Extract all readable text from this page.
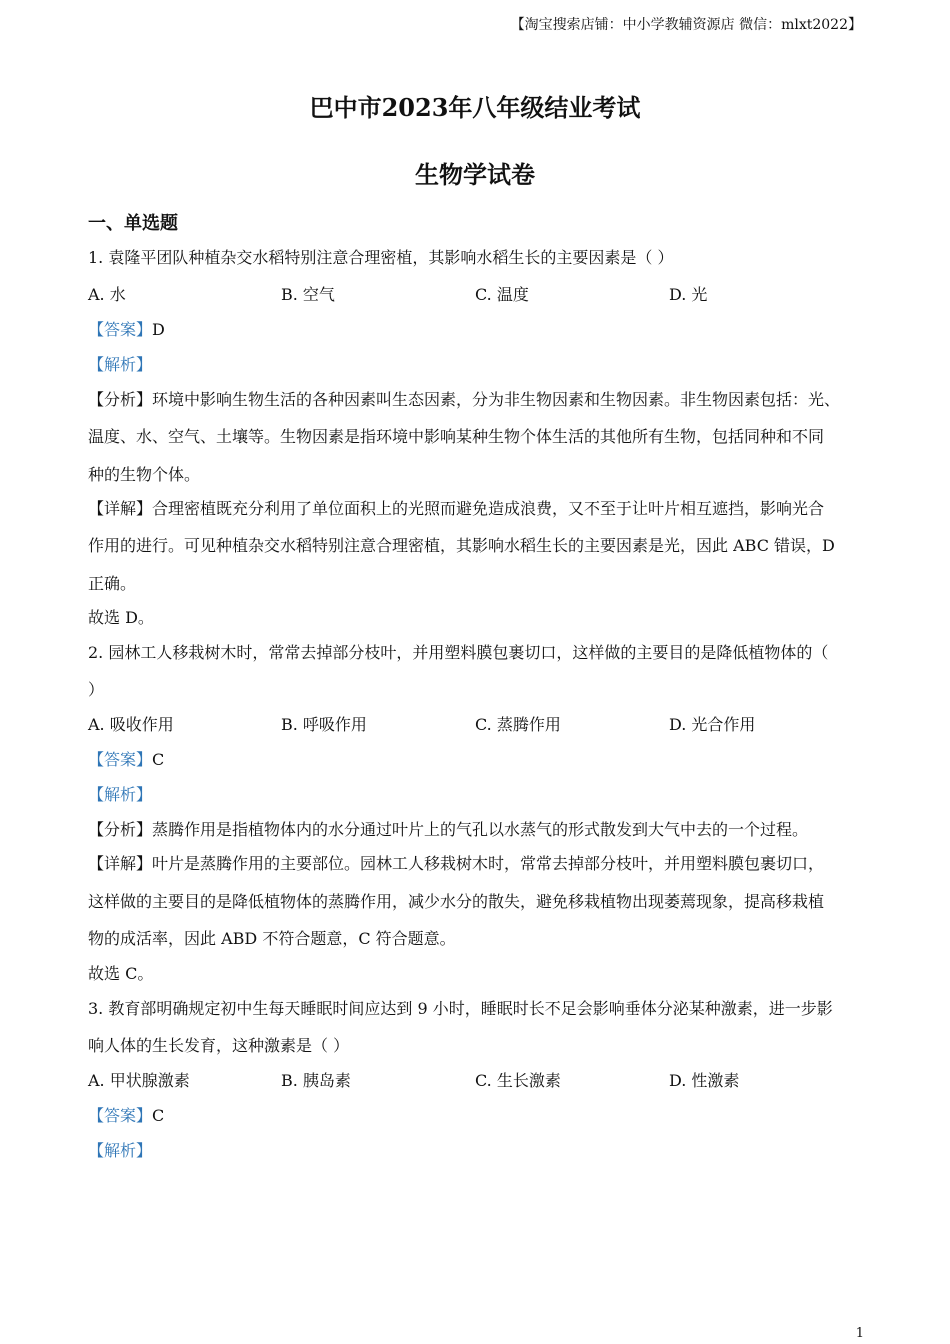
【淘宝搜索店铺：中小学教辅资源店 微信：mlxt2022】
巴中市2023年八年级结业考试
生物学试卷
一、单选题
1. 袁隆平团队种植杂交水稻特别注意合理密植，其影响水稻生长的主要因素是（ ）
A. 水	B. 空气	C. 温度	D. 光
【答案】D
【解析】
【分析】环境中影响生物生活的各种因素叫生态因素，分为非生物因素和生物因素。非生物因素包括：光、
温度、水、空气、土壤等。生物因素是指环境中影响某种生物个体生活的其他所有生物，包括同种和不同
种的生物个体。
【详解】合理密植既充分利用了单位面积上的光照而避免造成浪费，又不至于让叶片相互遮挡，影响光合
作用的进行。可见种植杂交水稻特别注意合理密植，其影响水稻生长的主要因素是光，因此 ABC 错误，D
正确。
故选 D。
2. 园林工人移栽树木时，常常去掉部分枝叶，并用塑料膜包裹切口，这样做的主要目的是降低植物体的（
）
A. 吸收作用	B. 呼吸作用	C. 蒸腾作用	D. 光合作用
【答案】C
【解析】
【分析】蒸腾作用是指植物体内的水分通过叶片上的气孔以水蒸气的形式散发到大气中去的一个过程。
【详解】叶片是蒸腾作用的主要部位。园林工人移栽树木时，常常去掉部分枝叶，并用塑料膜包裹切口，
这样做的主要目的是降低植物体的蒸腾作用，减少水分的散失，避免移栽植物出现萎蔫现象，提高移栽植
物的成活率，因此 ABD 不符合题意，C 符合题意。
故选 C。
3. 教育部明确规定初中生每天睡眠时间应达到 9 小时，睡眠时长不足会影响垂体分泌某种激素，进一步影
响人体的生长发育，这种激素是（ ）
A. 甲状腺激素	B. 胰岛素	C. 生长激素	D. 性激素
【答案】C
【解析】
1
